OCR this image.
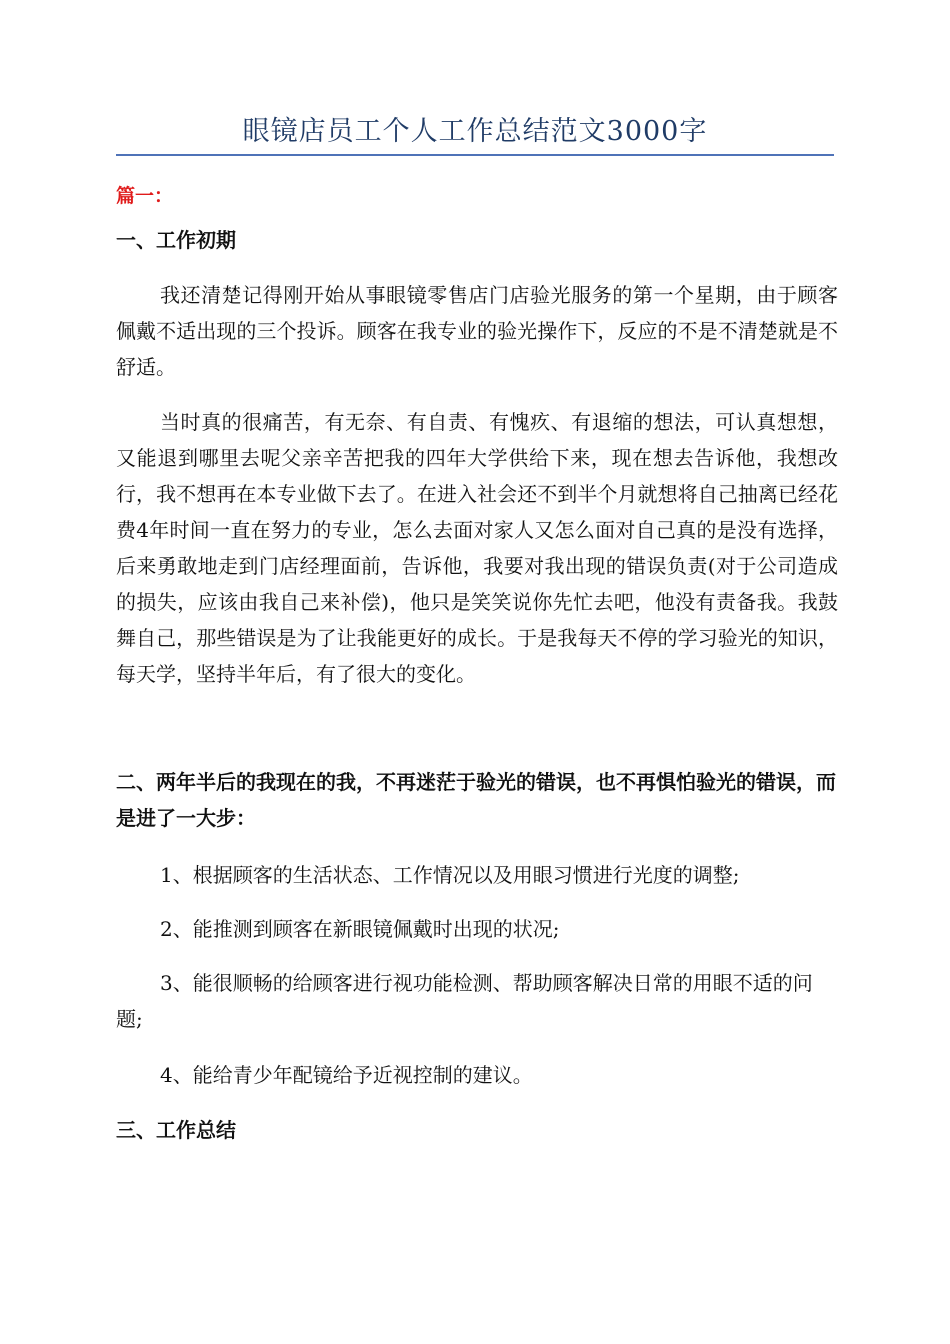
眼镜店员工个人工作总结范文3000字
篇一：
一、工作初期

我还清楚记得刚开始从事眼镜零售店门店验光服务的第一个星期，由于顾客佩戴不适出现的三个投诉。顾客在我专业的验光操作下，反应的不是不清楚就是不舒适。

当时真的很痛苦，有无奈、有自责、有愧疚、有退缩的想法，可认真想想，又能退到哪里去呢父亲辛苦把我的四年大学供给下来，现在想去告诉他，我想改行，我不想再在本专业做下去了。在进入社会还不到半个月就想将自己抽离已经花费4年时间一直在努力的专业，怎么去面对家人又怎么面对自己真的是没有选择，后来勇敢地走到门店经理面前，告诉他，我要对我出现的错误负责(对于公司造成的损失，应该由我自己来补偿)，他只是笑笑说你先忙去吧，他没有责备我。我鼓舞自己，那些错误是为了让我能更好的成长。于是我每天不停的学习验光的知识，每天学，坚持半年后，有了很大的变化。

二、两年半后的我现在的我，不再迷茫于验光的错误，也不再惧怕验光的错误，而是进了一大步：

1、根据顾客的生活状态、工作情况以及用眼习惯进行光度的调整;

2、能推测到顾客在新眼镜佩戴时出现的状况;

3、能很顺畅的给顾客进行视功能检测、帮助顾客解决日常的用眼不适的问题;

4、能给青少年配镜给予近视控制的建议。

三、工作总结
